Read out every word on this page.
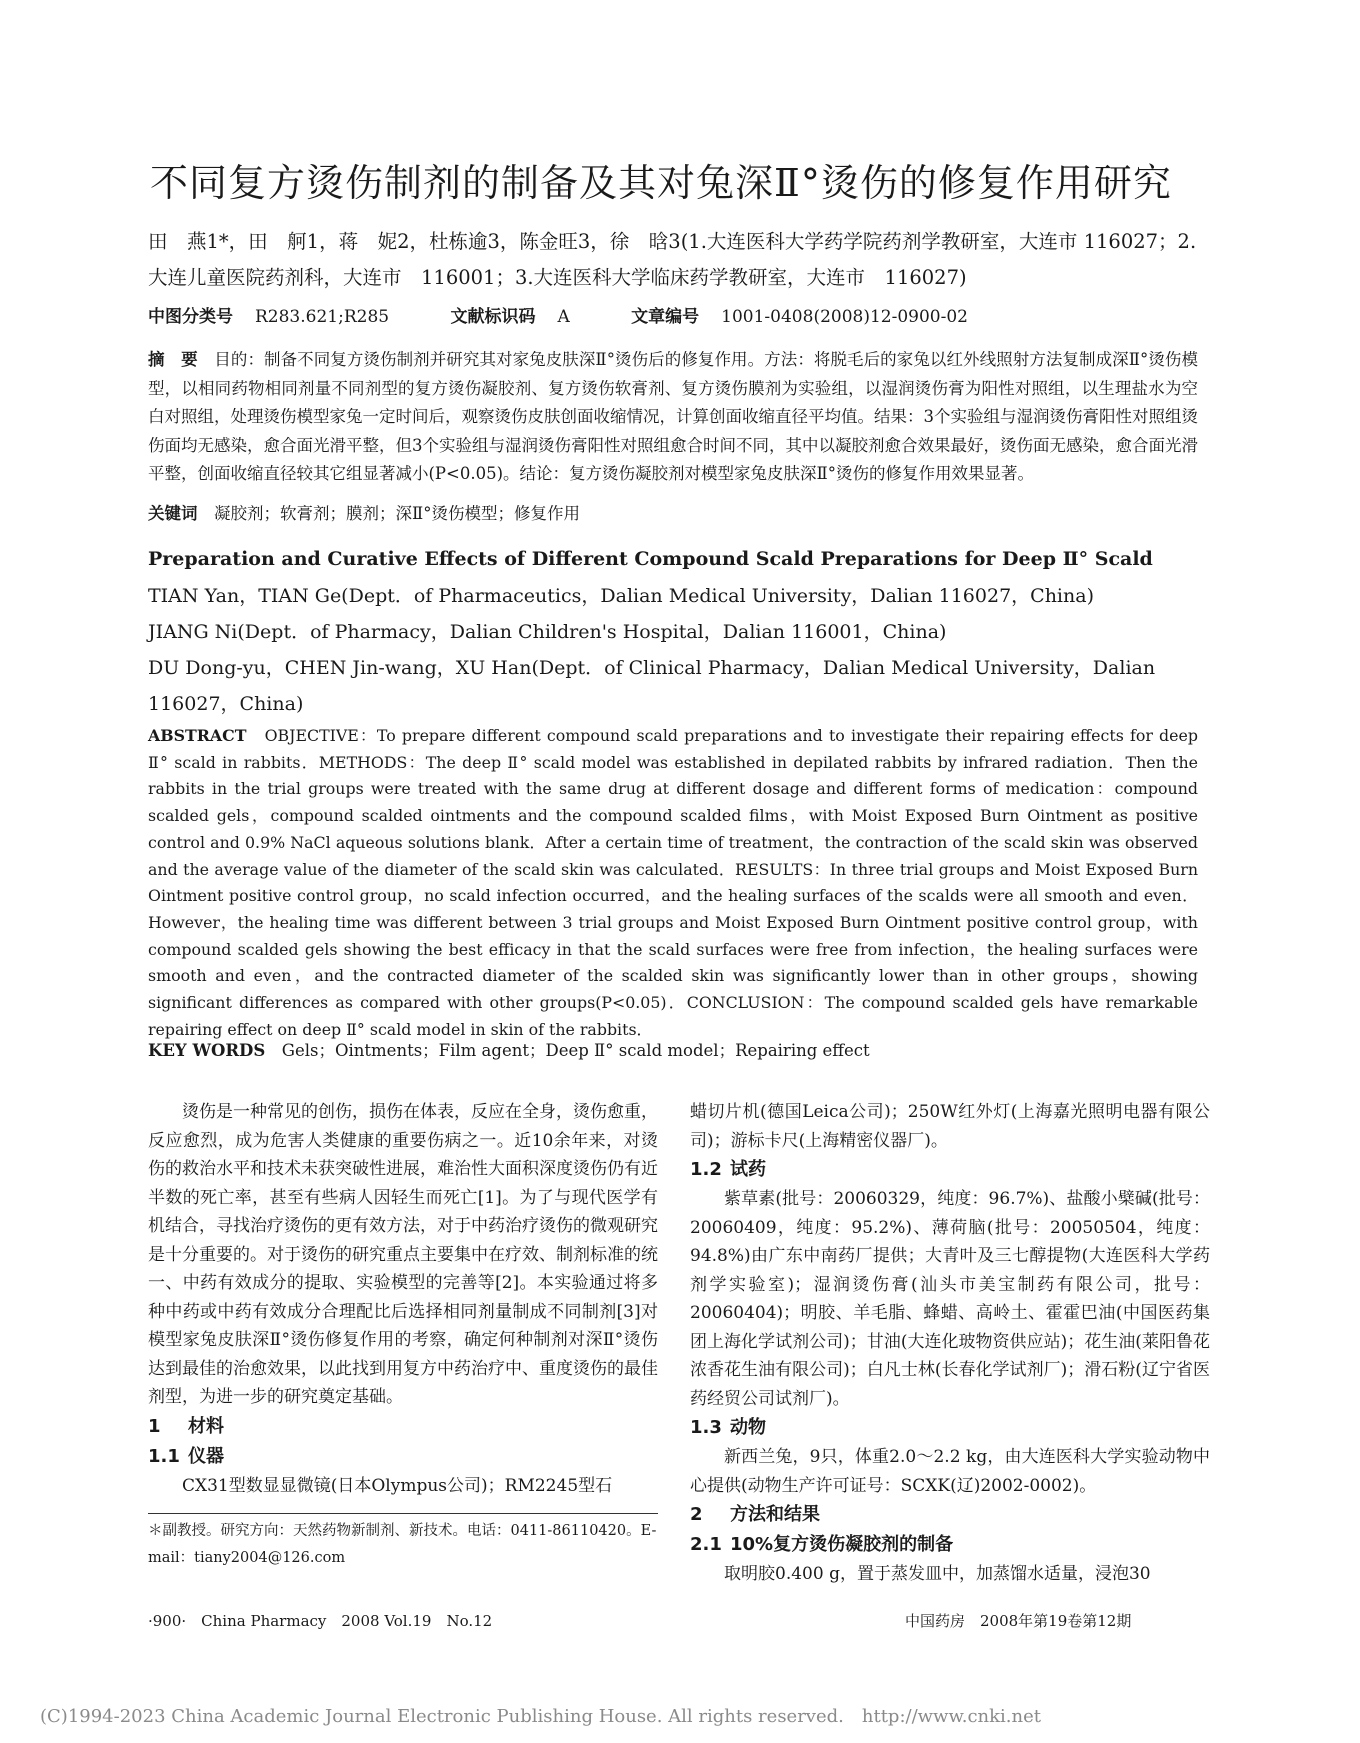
不同复方烫伤制剂的制备及其对兔深Ⅱ°烫伤的修复作用研究
田　燕1*，田　舸1，蒋　妮2，杜栋逾3，陈金旺3，徐　晗3(1.大连医科大学药学院药剂学教研室，大连市 116027；2.大连儿童医院药剂科，大连市　116001；3.大连医科大学临床药学教研室，大连市　116027)
中图分类号 R283.621;R285	文献标识码 A	文章编号 1001-0408(2008)12-0900-02
摘　要　 目的：制备不同复方烫伤制剂并研究其对家兔皮肤深Ⅱ°烫伤后的修复作用。方法：将脱毛后的家兔以红外线照射方法复制成深Ⅱ°烫伤模型，以相同药物相同剂量不同剂型的复方烫伤凝胶剂、复方烫伤软膏剂、复方烫伤膜剂为实验组，以湿润烫伤膏为阳性对照组，以生理盐水为空白对照组，处理烫伤模型家兔一定时间后，观察烫伤皮肤创面收缩情况，计算创面收缩直径平均值。结果：3个实验组与湿润烫伤膏阳性对照组烫伤面均无感染，愈合面光滑平整，但3个实验组与湿润烫伤膏阳性对照组愈合时间不同，其中以凝胶剂愈合效果最好，烫伤面无感染，愈合面光滑平整，创面收缩直径较其它组显著减小(P<0.05)。结论：复方烫伤凝胶剂对模型家兔皮肤深Ⅱ°烫伤的修复作用效果显著。
关键词　 凝胶剂；软膏剂；膜剂；深Ⅱ°烫伤模型；修复作用
Preparation and Curative Effects of Different Compound Scald Preparations for Deep Ⅱ° Scald
TIAN Yan，TIAN Ge(Dept．of Pharmaceutics，Dalian Medical University，Dalian 116027，China)
JIANG Ni(Dept．of Pharmacy，Dalian Children's Hospital，Dalian 116001，China)
DU Dong-yu，CHEN Jin-wang，XU Han(Dept．of Clinical Pharmacy，Dalian Medical University，Dalian 116027，China)
ABSTRACT　 OBJECTIVE：To prepare different compound scald preparations and to investigate their repairing effects for deep Ⅱ° scald in rabbits．METHODS：The deep Ⅱ° scald model was established in depilated rabbits by infrared radiation．Then the rabbits in the trial groups were treated with the same drug at different dosage and different forms of medication：compound scalded gels，compound scalded ointments and the compound scalded films，with Moist Exposed Burn Ointment as positive control and 0.9% NaCl aqueous solutions blank．After a certain time of treatment，the contraction of the scald skin was observed and the average value of the diameter of the scald skin was calculated．RESULTS：In three trial groups and Moist Exposed Burn Ointment positive control group，no scald infection occurred，and the healing surfaces of the scalds were all smooth and even．However，the healing time was different between 3 trial groups and Moist Exposed Burn Ointment positive control group，with compound scalded gels showing the best efficacy in that the scald surfaces were free from infection，the healing surfaces were smooth and even，and the contracted diameter of the scalded skin was significantly lower than in other groups，showing significant differences as compared with other groups(P<0.05)．CONCLUSION：The compound scalded gels have remarkable repairing effect on deep Ⅱ° scald model in skin of the rabbits．
KEY WORDS　 Gels；Ointments；Film agent；Deep Ⅱ° scald model；Repairing effect

烫伤是一种常见的创伤，损伤在体表，反应在全身，烫伤愈重，反应愈烈，成为危害人类健康的重要伤病之一。近10余年来，对烫伤的救治水平和技术未获突破性进展，难治性大面积深度烫伤仍有近半数的死亡率，甚至有些病人因轻生而死亡[1]。为了与现代医学有机结合，寻找治疗烫伤的更有效方法，对于中药治疗烫伤的微观研究是十分重要的。对于烫伤的研究重点主要集中在疗效、制剂标准的统一、中药有效成分的提取、实验模型的完善等[2]。本实验通过将多种中药或中药有效成分合理配比后选择相同剂量制成不同制剂[3]对模型家兔皮肤深Ⅱ°烫伤修复作用的考察，确定何种制剂对深Ⅱ°烫伤达到最佳的治愈效果，以此找到用复方中药治疗中、重度烫伤的最佳剂型，为进一步的研究奠定基础。

1 材料
1.1 仪器

CX31型数显显微镜(日本Olympus公司)；RM2245型石

＊副教授。研究方向：天然药物新制剂、新技术。电话：0411-86110420。E-mail：tiany2004@126.com

蜡切片机(德国Leica公司)；250W红外灯(上海嘉光照明电器有限公司)；游标卡尺(上海精密仪器厂)。

1.2 试药

紫草素(批号：20060329，纯度：96.7%)、盐酸小檗碱(批号：20060409，纯度：95.2%)、薄荷脑(批号：20050504，纯度：94.8%)由广东中南药厂提供；大青叶及三七醇提物(大连医科大学药剂学实验室)；湿润烫伤膏(汕头市美宝制药有限公司，批号：20060404)；明胶、羊毛脂、蜂蜡、高岭土、霍霍巴油(中国医药集团上海化学试剂公司)；甘油(大连化玻物资供应站)；花生油(莱阳鲁花浓香花生油有限公司)；白凡士林(长春化学试剂厂)；滑石粉(辽宁省医药经贸公司试剂厂)。

1.3 动物

新西兰兔，9只，体重2.0～2.2 kg，由大连医科大学实验动物中心提供(动物生产许可证号：SCXK(辽)2002-0002)。

2 方法和结果
2.1 10%复方烫伤凝胶剂的制备

取明胶0.400 g，置于蒸发皿中，加蒸馏水适量，浸泡30

·900·　China Pharmacy　2008 Vol.19　No.12	中国药房　2008年第19卷第12期
(C)1994-2023 China Academic Journal Electronic Publishing House. All rights reserved.　http://www.cnki.net
